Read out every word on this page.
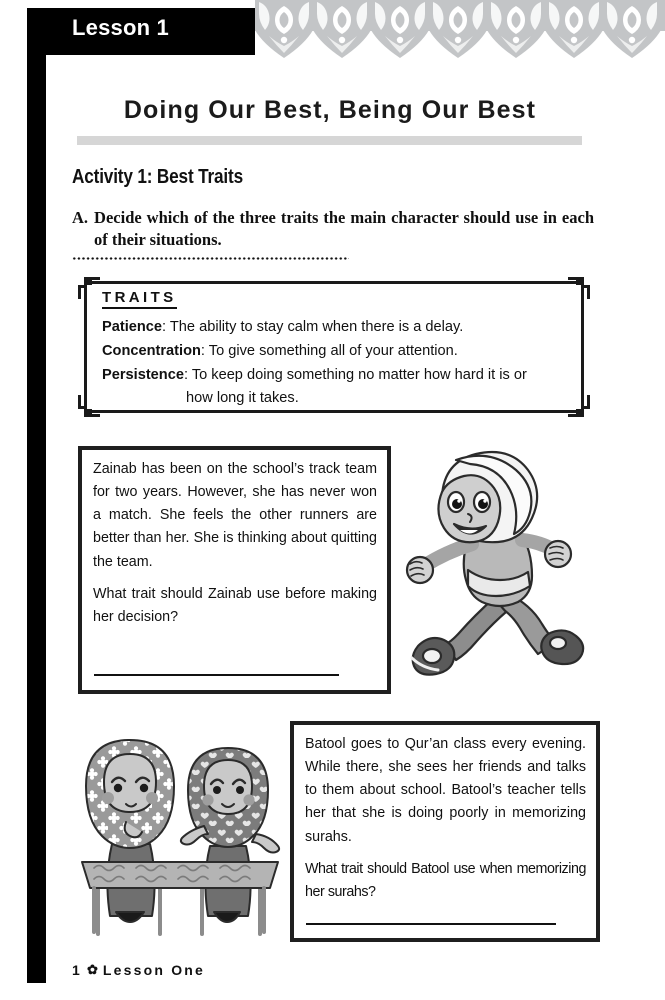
Lesson 1
Doing Our Best, Being Our Best
Activity 1: Best Traits
A. Decide which of the three traits the main character should use in each of their situations.
TRAITS
Patience: The ability to stay calm when there is a delay.
Concentration: To give something all of your attention.
Persistence: To keep doing something no matter how hard it is or
how long it takes.

Zainab has been on the school’s track team for two years. However, she has never won a match. She feels the other runners are better than her. She is thinking about quitting the team.

What trait should Zainab use before making her decision?

Batool goes to Qur’an class every evening. While there, she sees her friends and talks to them about school. Batool’s teacher tells her that she is doing poorly in memorizing surahs.

What trait should Batool use when memorizing her surahs?

1 ✿ Lesson One
